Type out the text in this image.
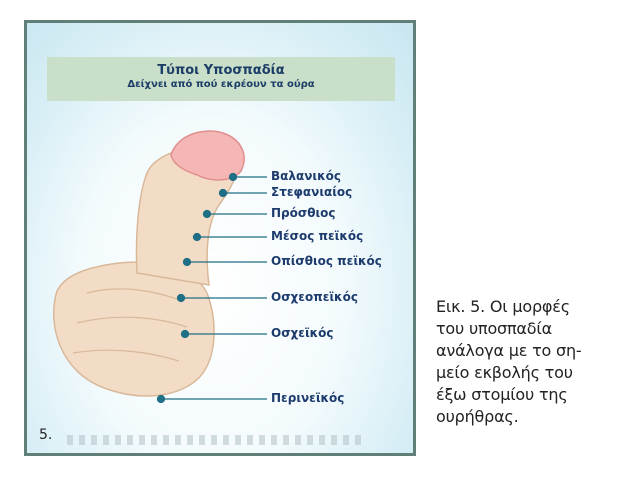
Τύποι Υποσπαδία
Δείχνει από πού εκρέουν τα ούρα
Βαλανικός
Στεφανιαίος
Πρόσθιος
Μέσος πεϊκός
Οπίσθιος πεϊκός
Οσχεοπεϊκός
Οσχεϊκός
Περινεϊκός
5.
Εικ. 5. Οι μορφές
του υποσπαδία
ανάλογα με το ση-
μείο εκβολής του
έξω στομίου της
ουρήθρας.
